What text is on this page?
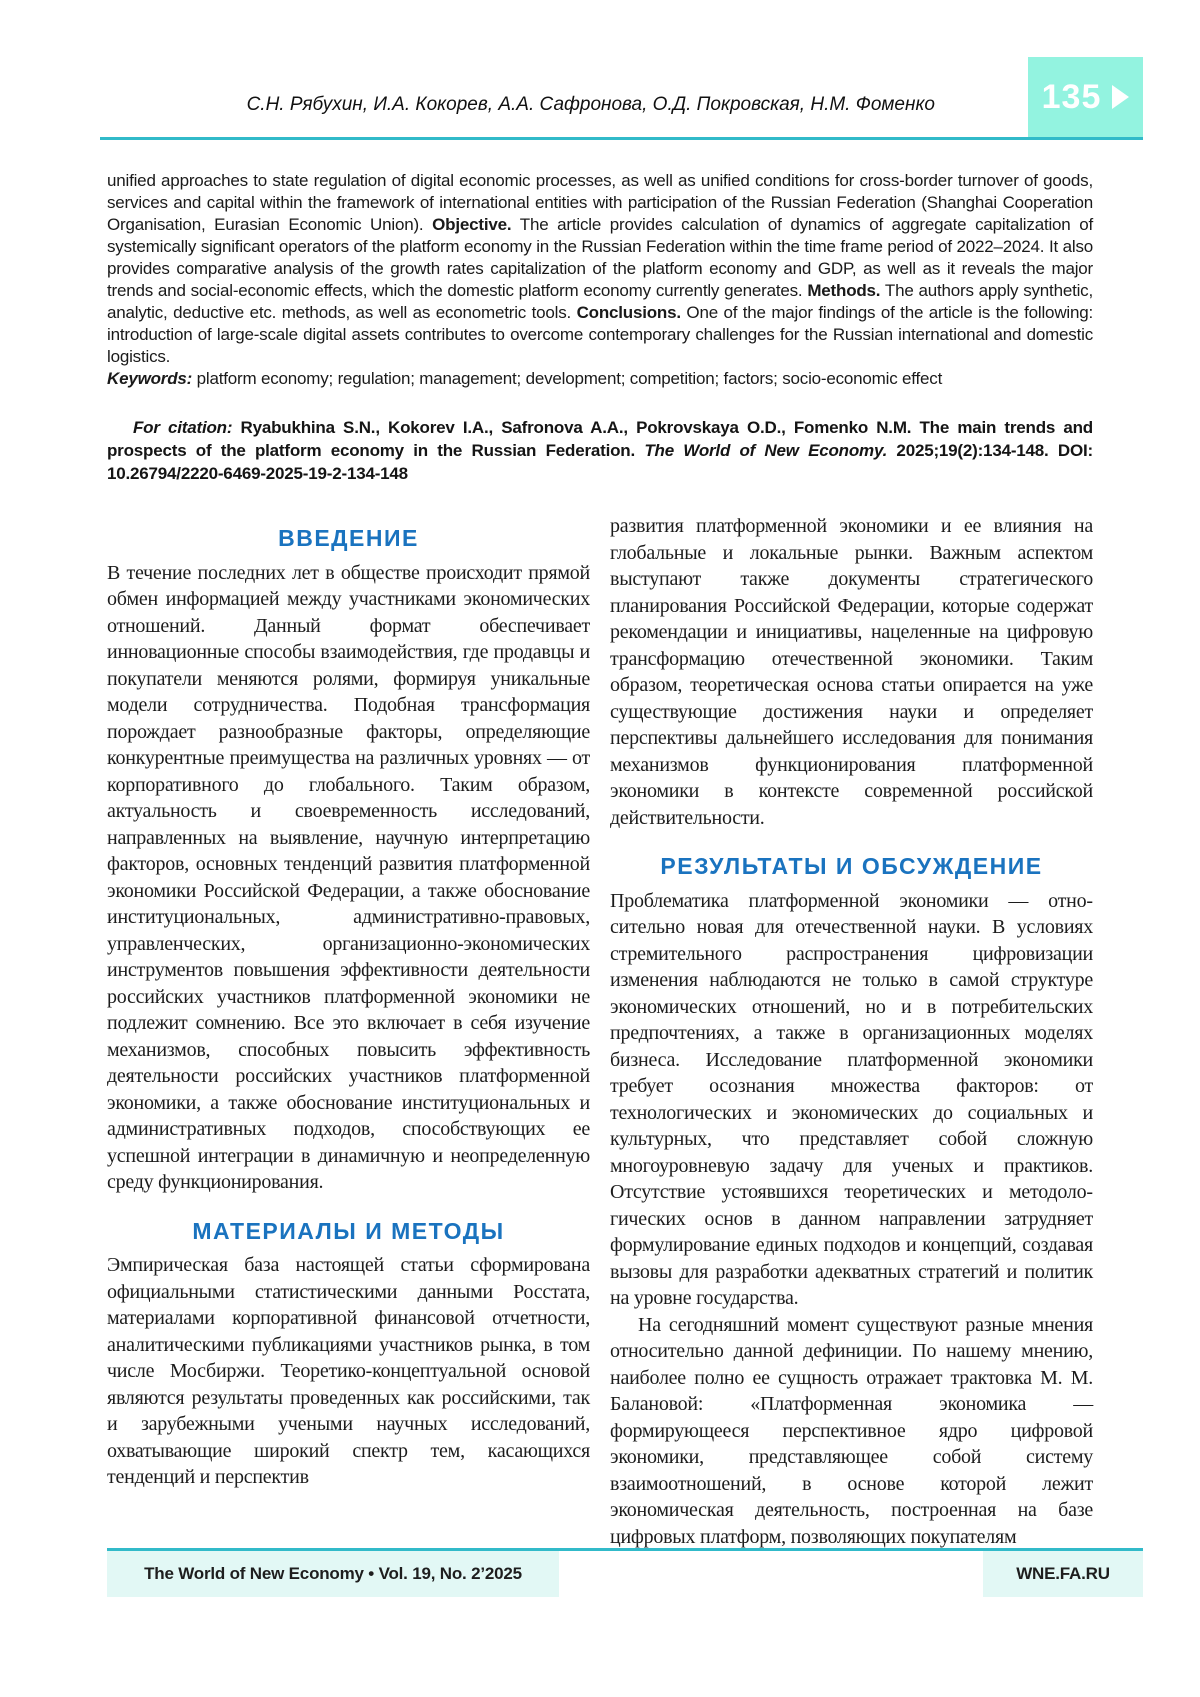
С.Н. Рябухин, И.А. Кокорев, А.А. Сафронова, О.Д. Покровская, Н.М. Фоменко	135

unified approaches to state regulation of digital economic processes, as well as unified conditions for cross-border turnover of goods, services and capital within the framework of international entities with participation of the Russian Federation (Shanghai Cooperation Organisation, Eurasian Economic Union). Objective. The article provides calculation of dynamics of aggregate capitalization of systemically significant operators of the platform economy in the Russian Federation within the time frame period of 2022–2024. It also provides comparative analysis of the growth rates capitalization of the platform economy and GDP, as well as it reveals the major trends and social-economic effects, which the domestic platform economy currently generates. Methods. The authors apply synthetic, analytic, deductive etc. methods, as well as econometric tools. Conclusions. One of the major findings of the article is the following: introduction of large-scale digital assets contributes to overcome contemporary challenges for the Russian international and domestic logistics.

Keywords: platform economy; regulation; management; development; competition; factors; socio-economic effect

For citation: Ryabukhina S.N., Kokorev I.A., Safronova A.A., Pokrovskaya O.D., Fomenko N.M. The main trends and prospects of the platform economy in the Russian Federation. The World of New Economy. 2025;19(2):134-148. DOI: 10.26794/2220-6469-2025-19-2-134-148

ВВЕДЕНИЕ

В течение последних лет в обществе происходит прямой обмен информацией между участниками экономических отношений. Данный формат обеспечивает инновационные способы взаимодействия, где продавцы и покупатели меняются ролями, формируя уникальные модели сотрудничества. Подобная трансформация порождает разнообразные факторы, определяющие конкурентные преимущества на различных уровнях — от корпоративного до глобального. Таким образом, актуальность и своевременность исследований, направленных на выявление, научную интерпретацию факторов, основных тенденций развития платформенной экономики Российской Федерации, а также обоснование институциональных, административно-правовых, управленческих, организационно-экономических инструментов повышения эффективности деятельности российских участников платформенной экономики не подлежит сомнению. Все это включает в себя изучение механизмов, способных повысить эффективность деятельности российских участников платформенной экономики, а также обоснование институциональных и административных подходов, способствующих ее успешной интеграции в динамичную и неопределенную среду функционирования.

МАТЕРИАЛЫ И МЕТОДЫ

Эмпирическая база настоящей статьи сформирована официальными статистическими данными Росстата, материалами корпоративной финансовой отчетности, аналитическими публикациями участников рынка, в том числе Мосбиржи. Теоретико-концептуальной основой являются результаты проведенных как российскими, так и зарубежными учеными научных исследований, охватывающие широкий спектр тем, касающихся тенденций и перспектив

развития платформенной экономики и ее влияния на глобальные и локальные рынки. Важным аспектом выступают также документы стратегического планирования Российской Федерации, которые содержат рекомендации и инициативы, нацеленные на цифровую трансформацию отечественной экономики. Таким образом, теоретическая основа статьи опирается на уже существующие достижения науки и определяет перспективы дальнейшего исследования для понимания механизмов функционирования платформенной экономики в контексте современной российской действительности.

РЕЗУЛЬТАТЫ И ОБСУЖДЕНИЕ

Проблематика платформенной экономики — относительно новая для отечественной науки. В условиях стремительного распространения цифровизации изменения наблюдаются не только в самой структуре экономических отношений, но и в потребительских предпочтениях, а также в организационных моделях бизнеса. Исследование платформенной экономики требует осознания множества факторов: от технологических и экономических до социальных и культурных, что представляет собой сложную многоуровневую задачу для ученых и практиков. Отсутствие устоявшихся теоретических и методологических основ в данном направлении затрудняет формулирование единых подходов и концепций, создавая вызовы для разработки адекватных стратегий и политик на уровне государства.

На сегодняшний момент существуют разные мнения относительно данной дефиниции. По нашему мнению, наиболее полно ее сущность отражает трактовка М. М. Балановой: «Платформенная экономика — формирующееся перспективное ядро цифровой экономики, представляющее собой систему взаимоотношений, в основе которой лежит экономическая деятельность, построенная на базе цифровых платформ, позволяющих покупателям

The World of New Economy • Vol. 19, No. 2’2025	WNE.FA.RU
